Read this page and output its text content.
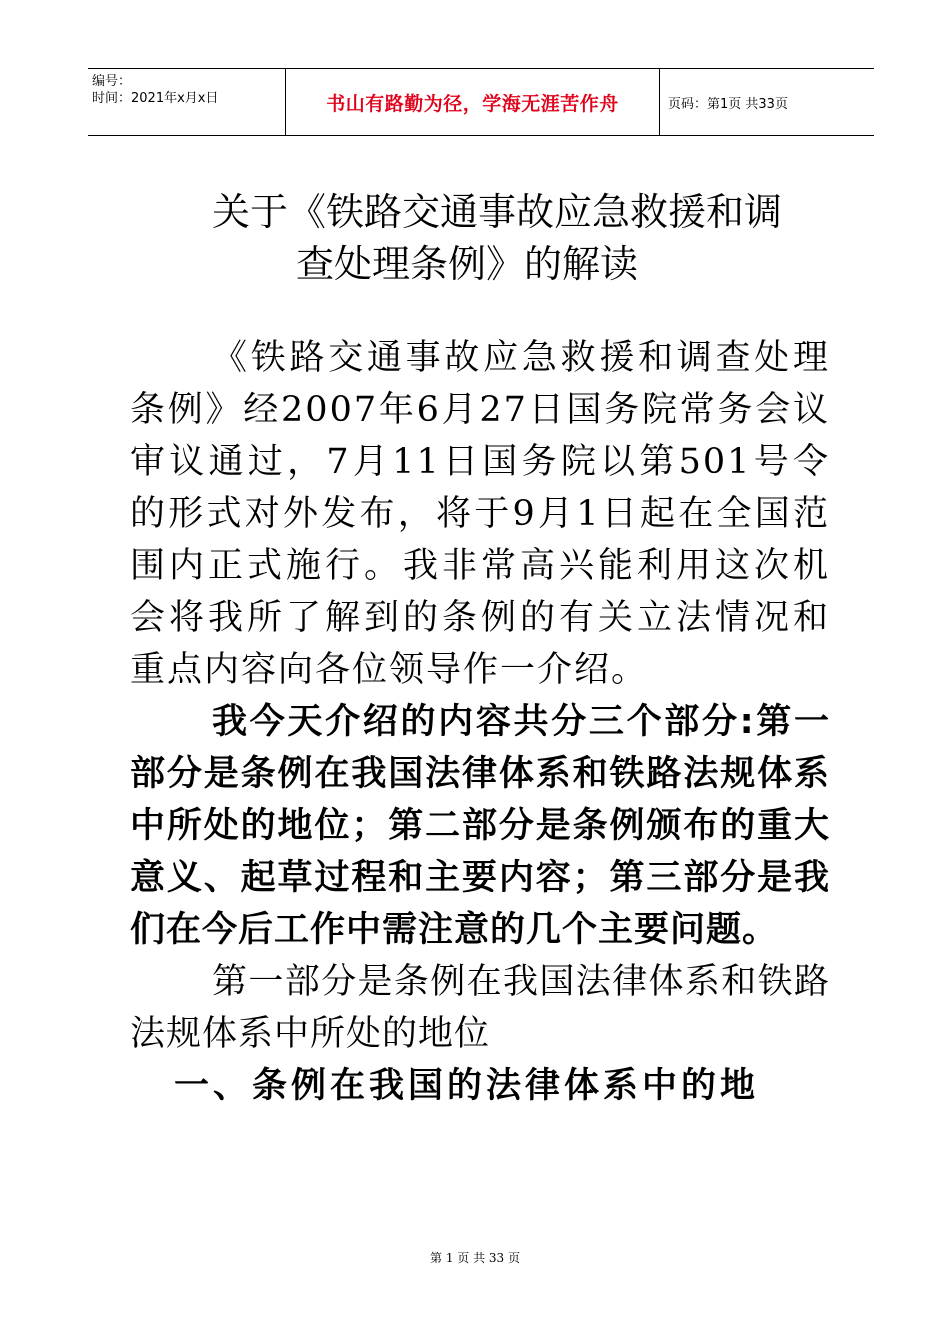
编号：
时间：2021年x月x日	书山有路勤为径，学海无涯苦作舟	页码：第1页 共33页
关于《铁路交通事故应急救援和调
查处理条例》的解读

《铁路交通事故应急救援和调查处理条例》经2007年6月27日国务院常务会议审议通过，7月11日国务院以第501号令的形式对外发布，将于9月1日起在全国范围内正式施行。我非常高兴能利用这次机会将我所了解到的条例的有关立法情况和重点内容向各位领导作一介绍。

我今天介绍的内容共分三个部分:第一部分是条例在我国法律体系和铁路法规体系中所处的地位；第二部分是条例颁布的重大意义、起草过程和主要内容；第三部分是我们在今后工作中需注意的几个主要问题。

第一部分是条例在我国法律体系和铁路法规体系中所处的地位

一、条例在我国的法律体系中的地

第 1 页 共 33 页
